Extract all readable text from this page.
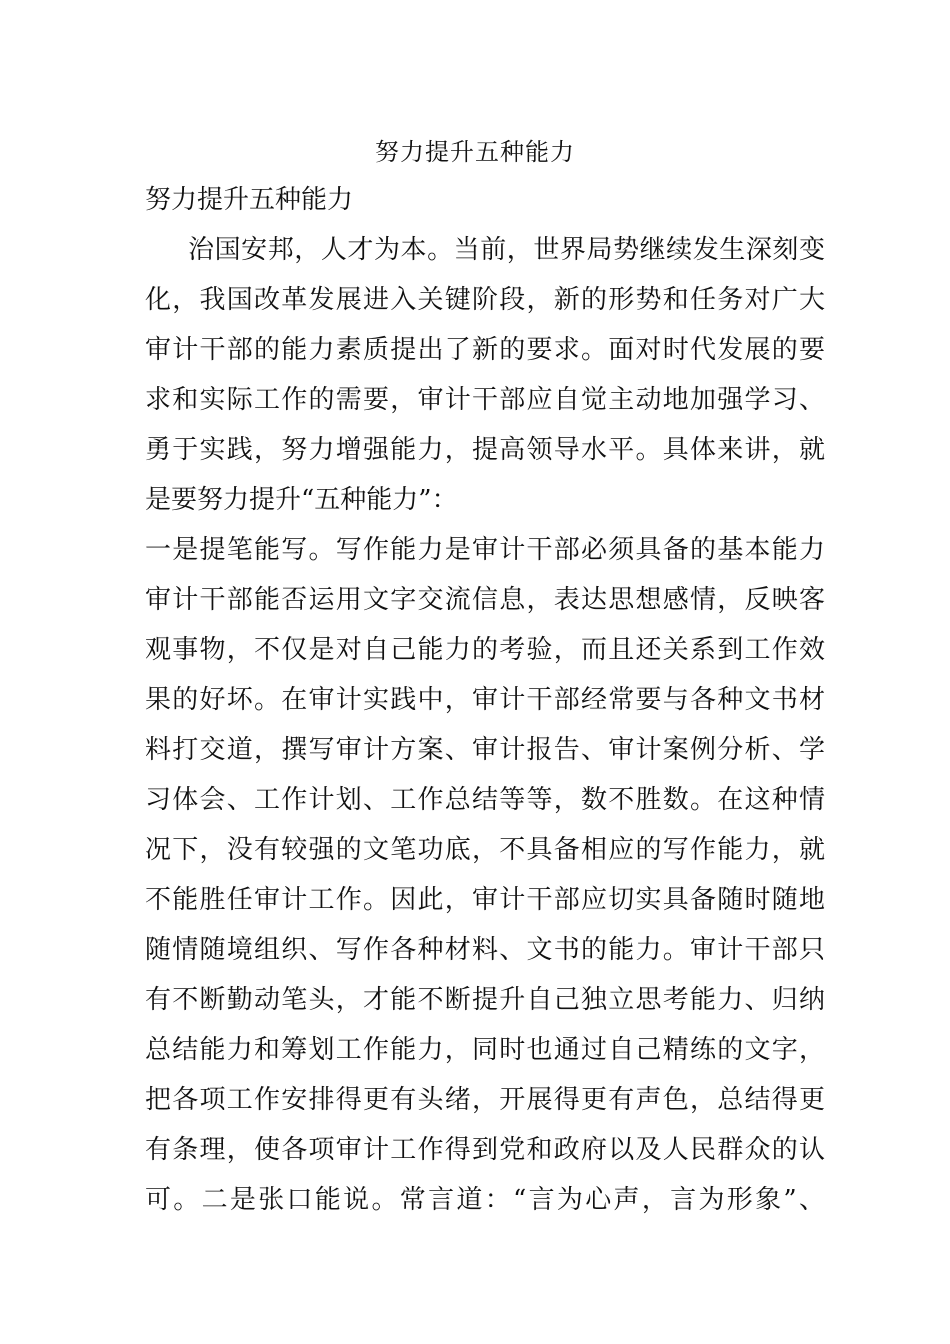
努力提升五种能力
努力提升五种能力
治国安邦，人才为本。当前，世界局势继续发生深刻变
化，我国改革发展进入关键阶段，新的形势和任务对广大
审计干部的能力素质提出了新的要求。面对时代发展的要
求和实际工作的需要，审计干部应自觉主动地加强学习、
勇于实践，努力增强能力，提高领导水平。具体来讲，就
是要努力提升“五种能力”：
一是提笔能写。写作能力是审计干部必须具备的基本能力
审计干部能否运用文字交流信息，表达思想感情，反映客
观事物，不仅是对自己能力的考验，而且还关系到工作效
果的好坏。在审计实践中，审计干部经常要与各种文书材
料打交道，撰写审计方案、审计报告、审计案例分析、学
习体会、工作计划、工作总结等等，数不胜数。在这种情
况下，没有较强的文笔功底，不具备相应的写作能力，就
不能胜任审计工作。因此，审计干部应切实具备随时随地
随情随境组织、写作各种材料、文书的能力。审计干部只
有不断勤动笔头，才能不断提升自己独立思考能力、归纳
总结能力和筹划工作能力，同时也通过自己精练的文字，
把各项工作安排得更有头绪，开展得更有声色，总结得更
有条理，使各项审计工作得到党和政府以及人民群众的认
可。二是张口能说。常言道：“言为心声，言为形象”、
